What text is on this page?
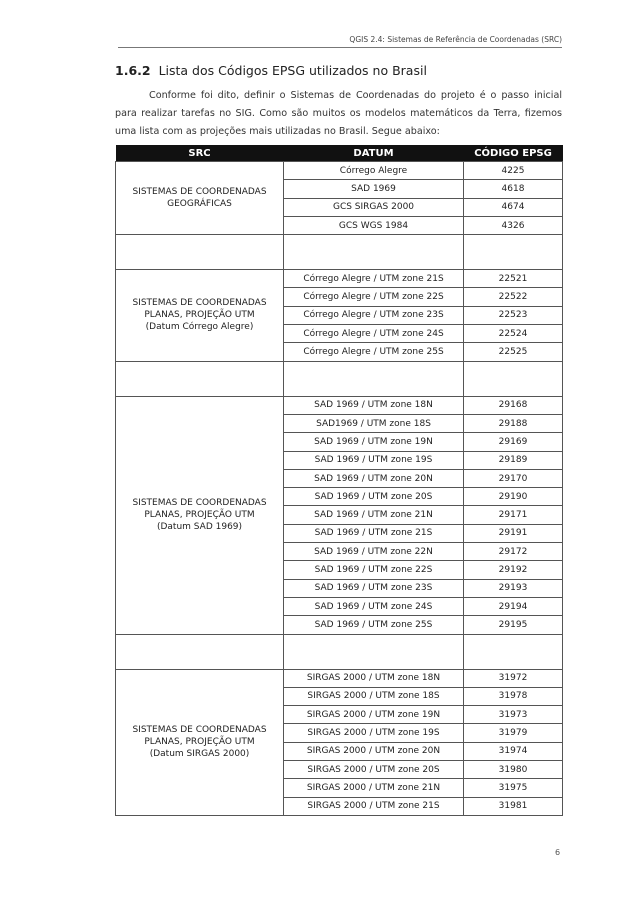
QGIS 2.4: Sistemas de Referência de Coordenadas (SRC)
1.6.2 Lista dos Códigos EPSG utilizados no Brasil
Conforme foi dito, definir o Sistemas de Coordenadas do projeto é o passo inicial para realizar tarefas no SIG. Como são muitos os modelos matemáticos da Terra, fizemos uma lista com as projeções mais utilizadas no Brasil. Segue abaixo:
SRC	DATUM	CÓDIGO EPSG
SISTEMAS DE COORDENADAS
GEOGRÁFICAS	Córrego Alegre	4225
	SAD 1969	4618
	GCS SIRGAS 2000	4674
	GCS WGS 1984	4326

SISTEMAS DE COORDENADAS
PLANAS, PROJEÇÃO UTM
(Datum Córrego Alegre)	Córrego Alegre / UTM zone 21S	22521
	Córrego Alegre / UTM zone 22S	22522
	Córrego Alegre / UTM zone 23S	22523
	Córrego Alegre / UTM zone 24S	22524
	Córrego Alegre / UTM zone 25S	22525

SISTEMAS DE COORDENADAS
PLANAS, PROJEÇÃO UTM
(Datum SAD 1969)	SAD 1969 / UTM zone 18N	29168
	SAD1969 / UTM zone 18S	29188
	SAD 1969 / UTM zone 19N	29169
	SAD 1969 / UTM zone 19S	29189
	SAD 1969 / UTM zone 20N	29170
	SAD 1969 / UTM zone 20S	29190
	SAD 1969 / UTM zone 21N	29171
	SAD 1969 / UTM zone 21S	29191
	SAD 1969 / UTM zone 22N	29172
	SAD 1969 / UTM zone 22S	29192
	SAD 1969 / UTM zone 23S	29193
	SAD 1969 / UTM zone 24S	29194
	SAD 1969 / UTM zone 25S	29195

SISTEMAS DE COORDENADAS
PLANAS, PROJEÇÃO UTM
(Datum SIRGAS 2000)	SIRGAS 2000 / UTM zone 18N	31972
	SIRGAS 2000 / UTM zone 18S	31978
	SIRGAS 2000 / UTM zone 19N	31973
	SIRGAS 2000 / UTM zone 19S	31979
	SIRGAS 2000 / UTM zone 20N	31974
	SIRGAS 2000 / UTM zone 20S	31980
	SIRGAS 2000 / UTM zone 21N	31975
	SIRGAS 2000 / UTM zone 21S	31981
6
